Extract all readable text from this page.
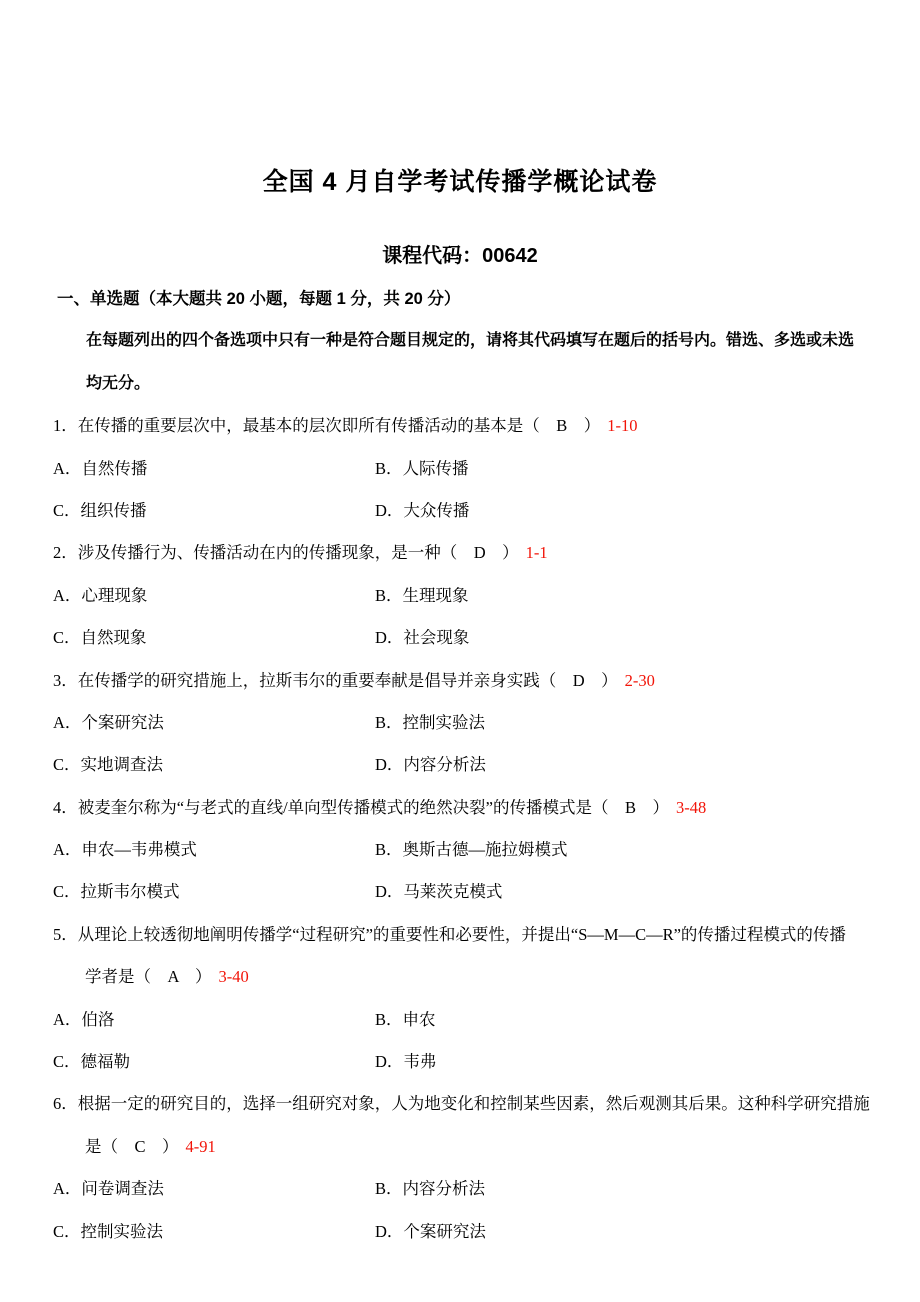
全国 4 月自学考试传播学概论试卷
课程代码：00642
一、单选题（本大题共 20 小题，每题 1 分，共 20 分）
在每题列出的四个备选项中只有一种是符合题目规定的，请将其代码填写在题后的括号内。错选、多选或未选
均无分。
1．在传播的重要层次中，最基本的层次即所有传播活动的基本是（　B　） 1-10
A．自然传播	B．人际传播
C．组织传播	D．大众传播
2．涉及传播行为、传播活动在内的传播现象，是一种（　D　） 1-1
A．心理现象	B．生理现象
C．自然现象	D．社会现象
3．在传播学的研究措施上，拉斯韦尔的重要奉献是倡导并亲身实践（　D　） 2-30
A．个案研究法	B．控制实验法
C．实地调查法	D．内容分析法
4．被麦奎尔称为“与老式的直线/单向型传播模式的绝然决裂”的传播模式是（　B　） 3-48
A．申农—韦弗模式	B．奥斯古德—施拉姆模式
C．拉斯韦尔模式	D．马莱茨克模式
5．从理论上较透彻地阐明传播学“过程研究”的重要性和必要性，并提出“S—M—C—R”的传播过程模式的传播
学者是（　A　） 3-40
A．伯洛	B．申农
C．德福勒	D．韦弗
6．根据一定的研究目的，选择一组研究对象，人为地变化和控制某些因素，然后观测其后果。这种科学研究措施
是（　C　） 4-91
A．问卷调查法	B．内容分析法
C．控制实验法	D．个案研究法
